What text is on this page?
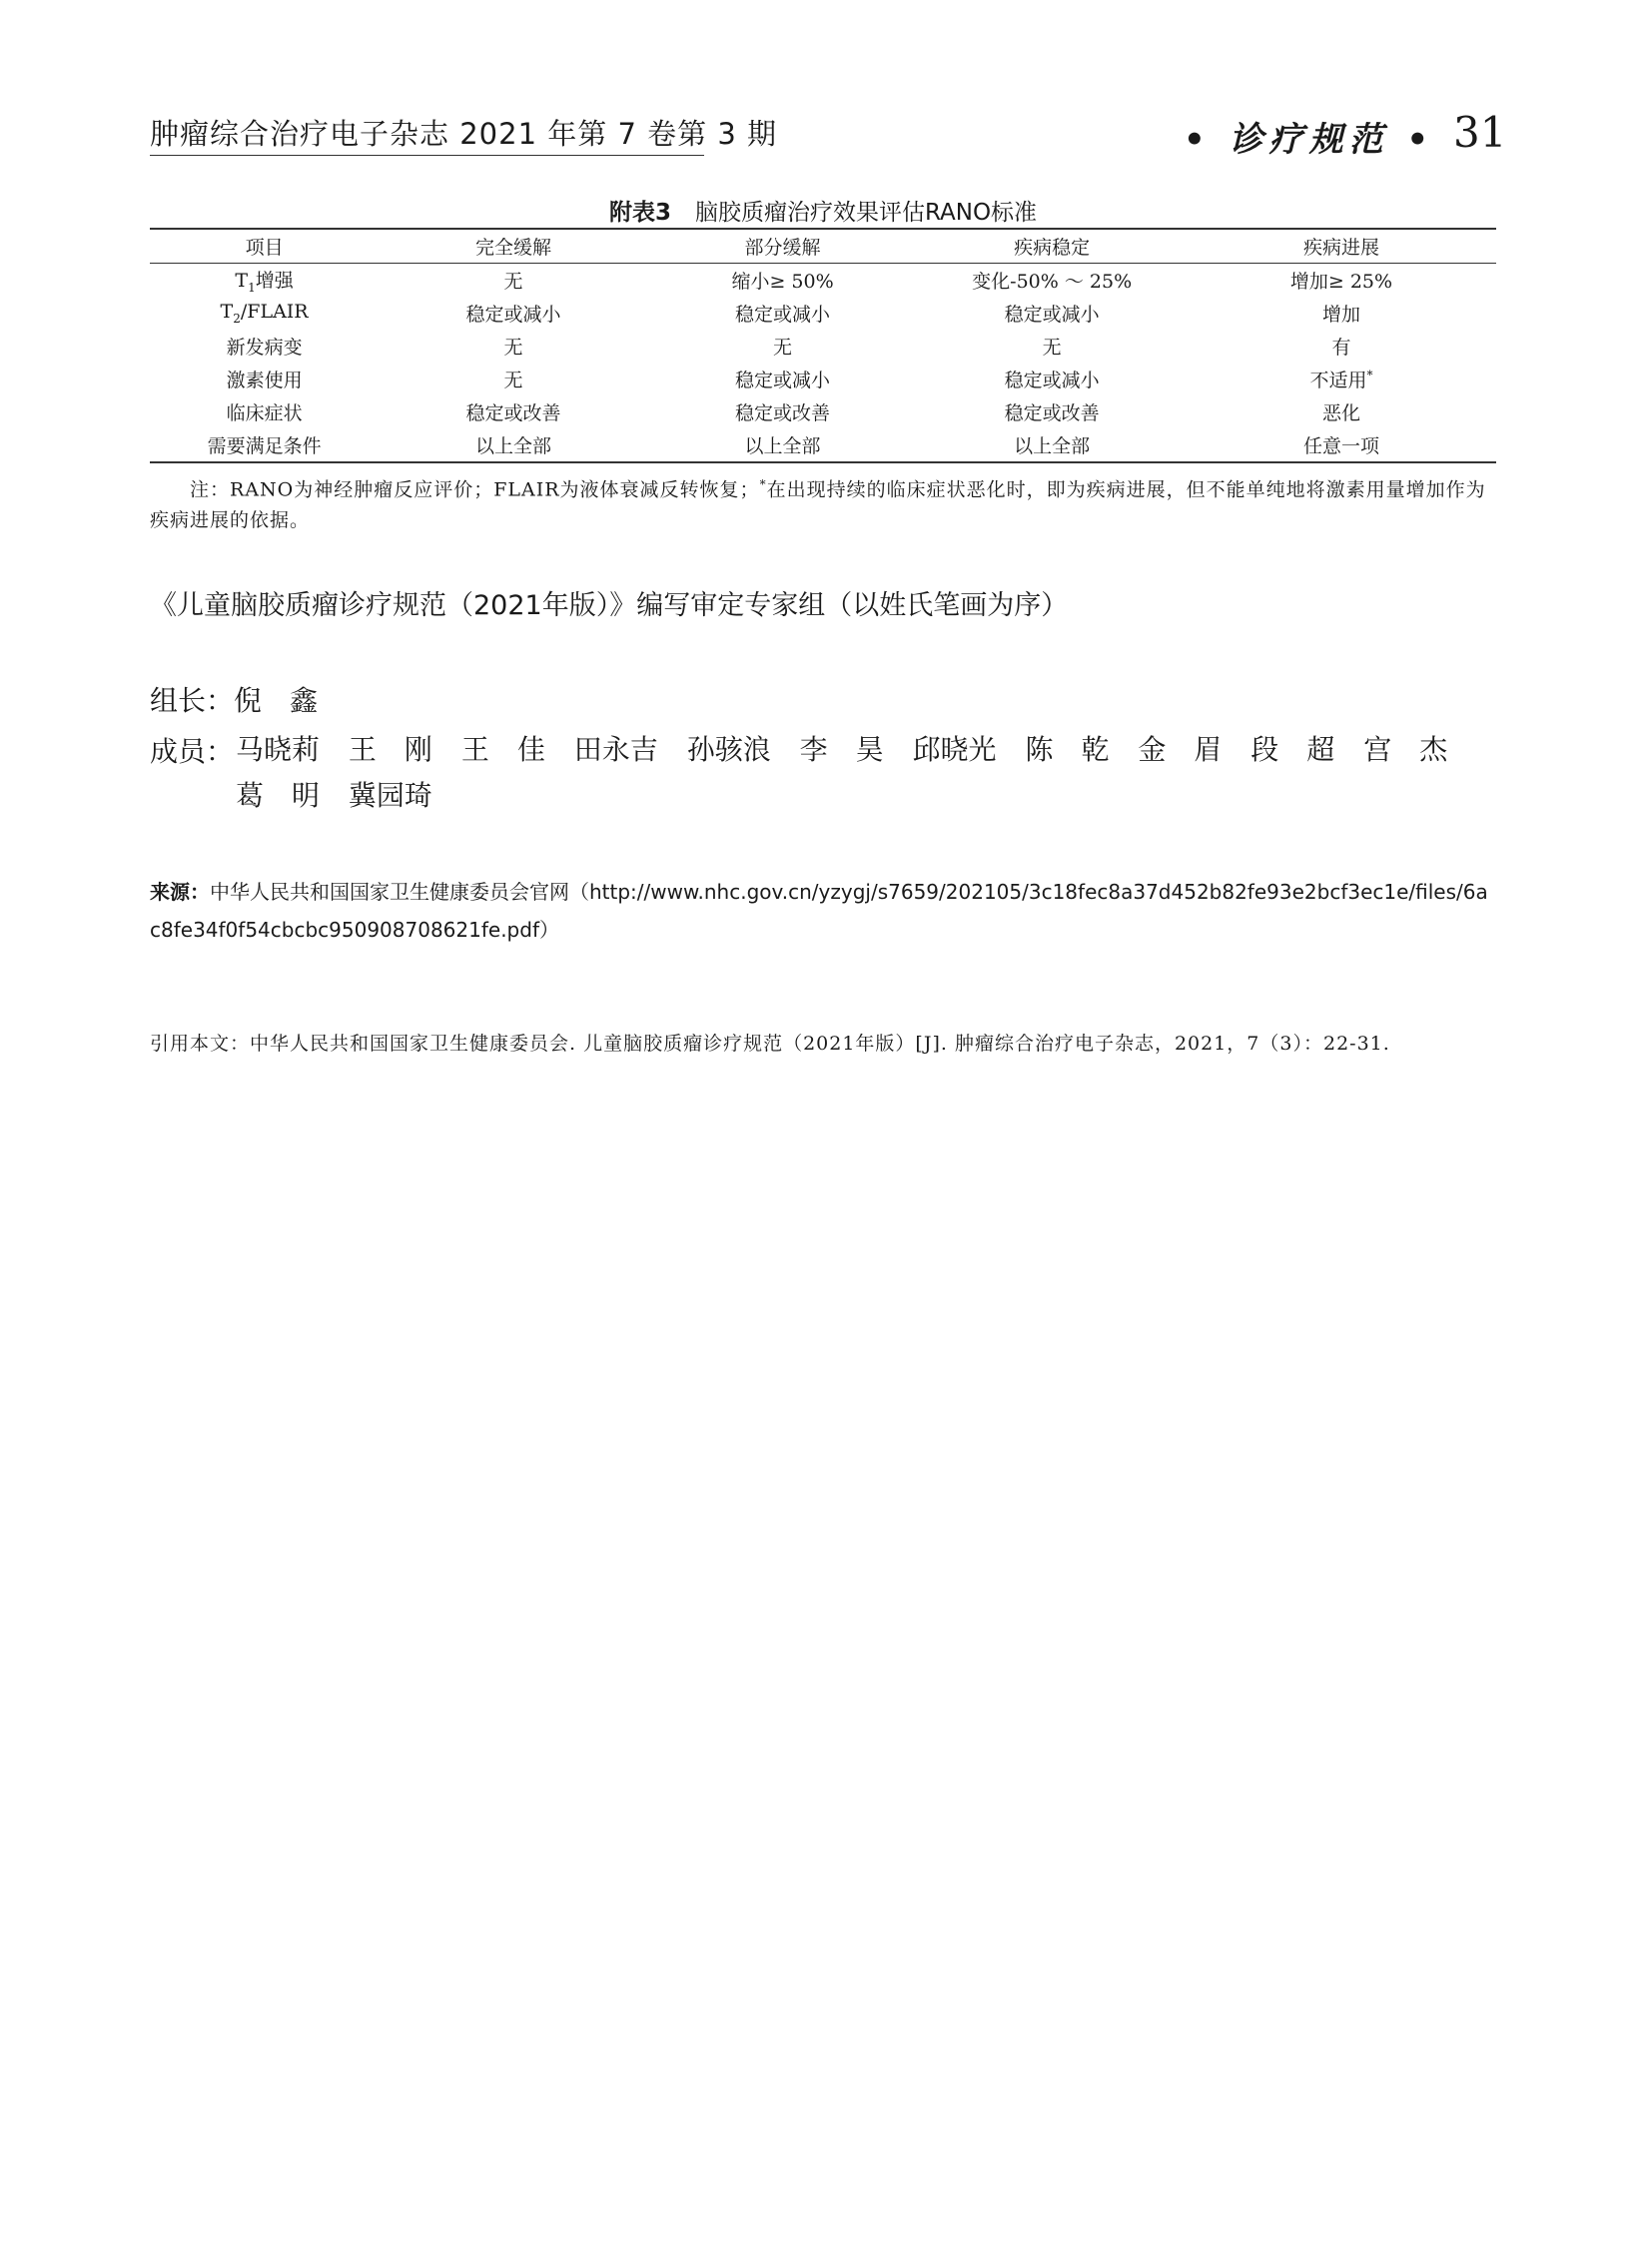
肿瘤综合治疗电子杂志 2021 年第 7 卷第 3 期	• 诊疗规范 • 31
附表3 脑胶质瘤治疗效果评估RANO标准
项目	完全缓解	部分缓解	疾病稳定	疾病进展
$T_1$增强	无	缩小≥ 50%	变化-50% ～ 25%	增加≥ 25%
$T_2$/FLAIR	稳定或减小	稳定或减小	稳定或减小	增加
新发病变	无	无	无	有
激素使用	无	稳定或减小	稳定或减小	不适用*
临床症状	稳定或改善	稳定或改善	稳定或改善	恶化
需要满足条件	以上全部	以上全部	以上全部	任意一项
注：RANO为神经肿瘤反应评价；FLAIR为液体衰减反转恢复；*在出现持续的临床症状恶化时，即为疾病进展，但不能单纯地将激素用量增加作为疾病进展的依据。
《儿童脑胶质瘤诊疗规范（2021年版）》编写审定专家组（以姓氏笔画为序）
组长：倪　鑫
成员： 马晓莉 王　刚 王　佳 田永吉 孙骇浪 李　昊 邱晓光 陈　乾 金　眉 段　超 宫　杰 葛　明 冀园琦
来源：中华人民共和国国家卫生健康委员会官网（http://www.nhc.gov.cn/yzygj/s7659/202105/3c18fec8a37d452b82fe93e2bcf3ec1e/files/6ac8fe34f0f54cbcbc950908708621fe.pdf）
引用本文：中华人民共和国国家卫生健康委员会. 儿童脑胶质瘤诊疗规范（2021年版）[J]. 肿瘤综合治疗电子杂志，2021，7（3）：22-31.
